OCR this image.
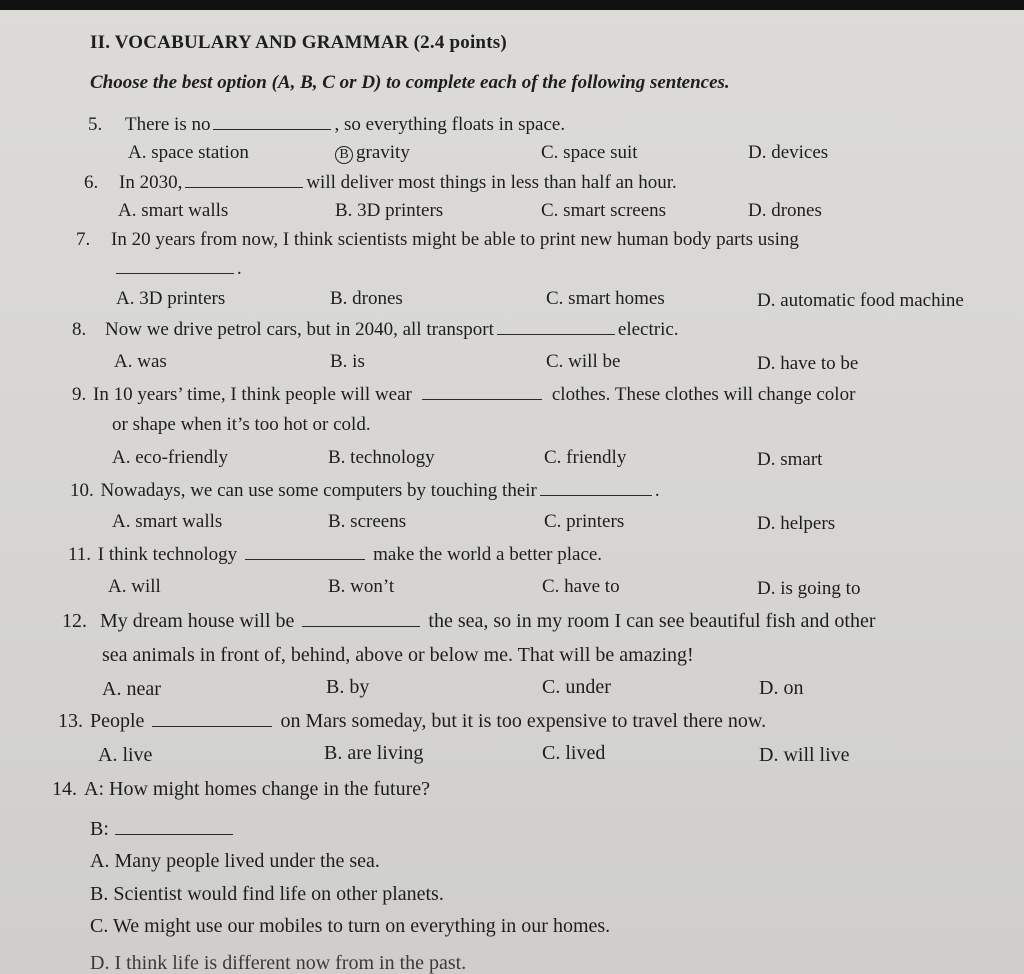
II. VOCABULARY AND GRAMMAR (2.4 points)
Choose the best option (A, B, C or D) to complete each of the following sentences.
5. There is no	, so everything floats in space.
A. space station	B gravity	C. space suit	D. devices
6. In 2030,	will deliver most things in less than half an hour.
A. smart walls	B. 3D printers	C. smart screens	D. drones
7. In 20 years from now, I think scientists might be able to print new human body parts using
.
A. 3D printers	B. drones	C. smart homes	D. automatic food machine
8. Now we drive petrol cars, but in 2040, all transport	electric.
A. was	B. is	C. will be	D. have to be
9. In 10 years’ time, I think people will wear	clothes. These clothes will change color
or shape when it’s too hot or cold.
A. eco-friendly	B. technology	C. friendly	D. smart
10. Nowadays, we can use some computers by touching their	.
A. smart walls	B. screens	C. printers	D. helpers
11. I think technology	make the world a better place.
A. will	B. won’t	C. have to	D. is going to
12. My dream house will be	the sea, so in my room I can see beautiful fish and other
sea animals in front of, behind, above or below me. That will be amazing!
A. near	B. by	C. under	D. on
13. People	on Mars someday, but it is too expensive to travel there now.
A. live	B. are living	C. lived	D. will live
14. A: How might homes change in the future?
B:
A. Many people lived under the sea.
B. Scientist would find life on other planets.
C. We might use our mobiles to turn on everything in our homes.
D. I think life is different now from in the past.
